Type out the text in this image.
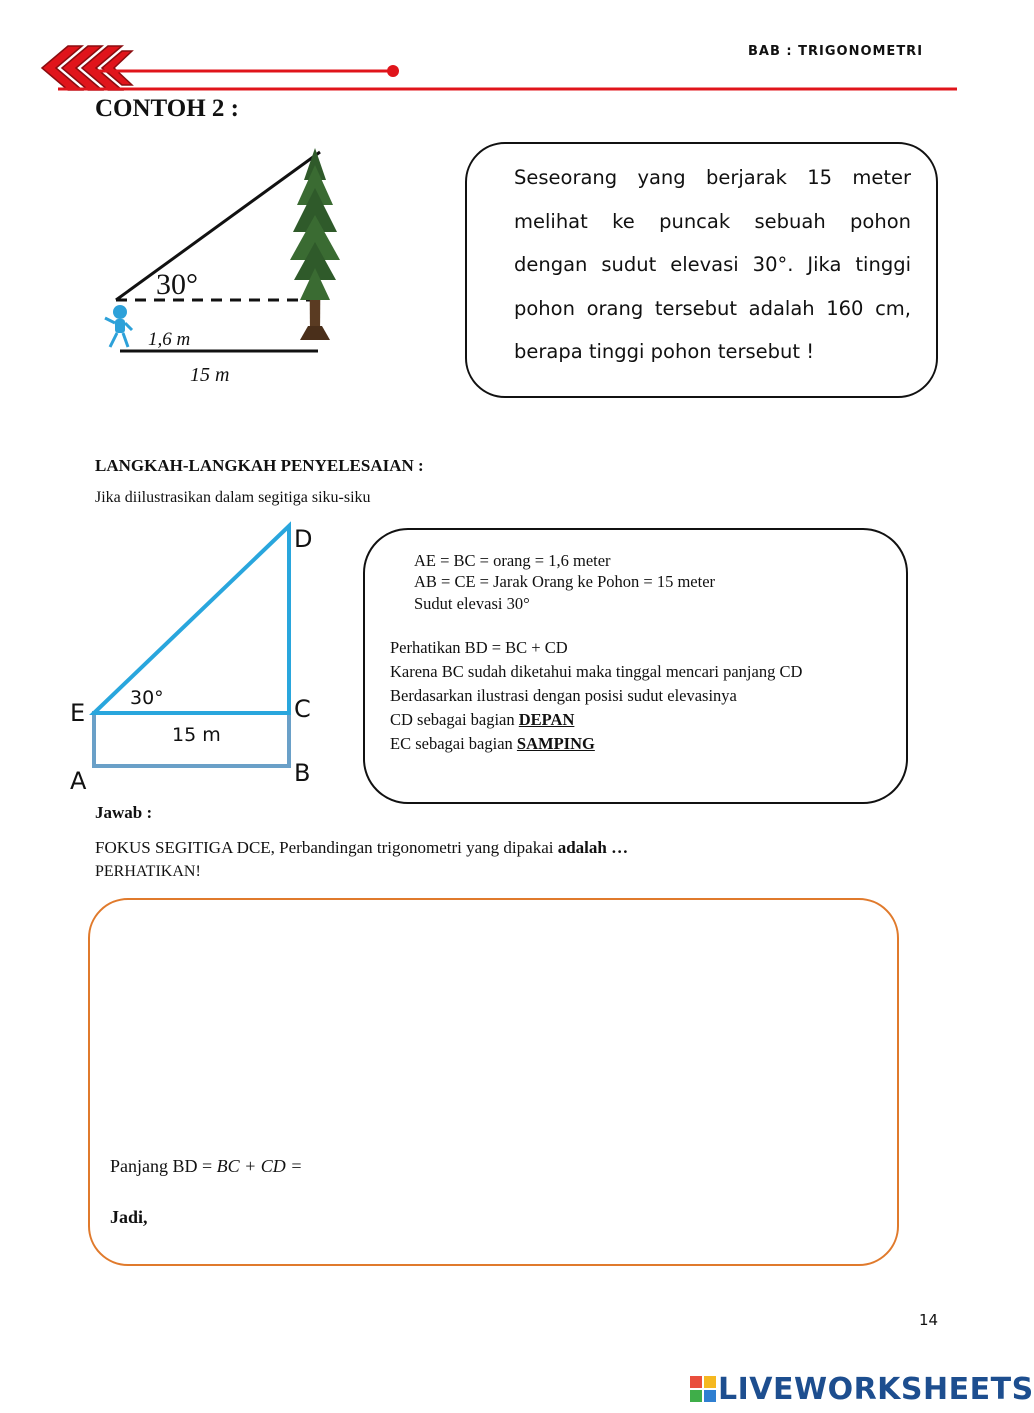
BAB : TRIGONOMETRI
CONTOH 2 :
30°
1,6 m
15 m
Seseorang yang berjarak 15 meter melihat ke puncak sebuah pohon dengan sudut elevasi 30°. Jika tinggi pohon orang tersebut adalah 160 cm, berapa tinggi pohon tersebut !
LANGKAH-LANGKAH PENYELESAIAN :
Jika diilustrasikan dalam segitiga siku-siku
D
E	C
A	B
30°
15 m
AE = BC = orang = 1,6 meter
AB = CE = Jarak Orang ke Pohon = 15 meter
Sudut elevasi 30°
Perhatikan BD = BC + CD
Karena BC sudah diketahui maka tinggal mencari panjang CD
Berdasarkan ilustrasi dengan posisi sudut elevasinya
CD sebagai bagian DEPAN
EC sebagai bagian SAMPING
Jawab :
FOKUS SEGITIGA DCE, Perbandingan trigonometri yang dipakai adalah …
PERHATIKAN!
Panjang BD = BC + CD =
Jadi,
14
LIVEWORKSHEETS
